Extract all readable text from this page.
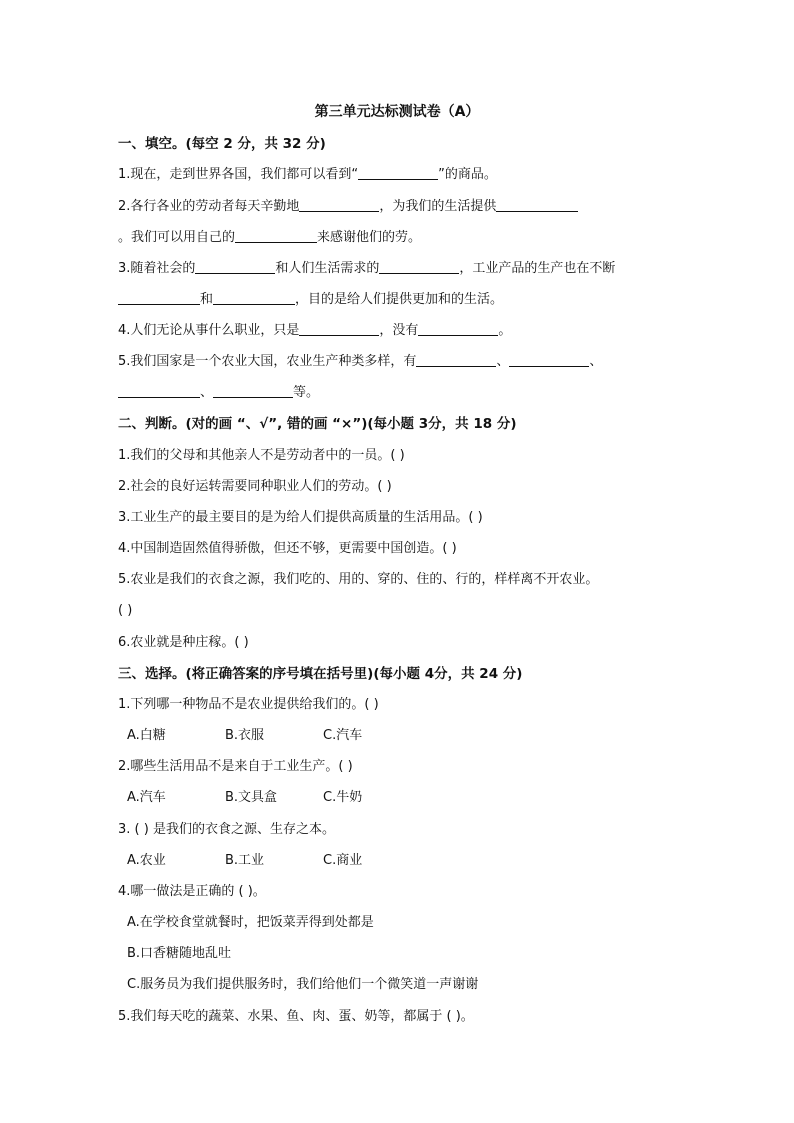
第三单元达标测试卷（A）
一、填空。(每空 2 分，共 32 分)
1.现在，走到世界各国，我们都可以看到“	”的商品。
2.各行各业的劳动者每天辛勤地	，为我们的生活提供
。我们可以用自己的	来感谢他们的劳。
3.随着社会的	和人们生活需求的	，工业产品的生产也在不断
和	，目的是给人们提供更加和的生活。
4.人们无论从事什么职业，只是	，没有	。
5.我们国家是一个农业大国，农业生产种类多样，有	、	、
、	等。
二、判断。(对的画 “、√”, 错的画 “×”)(每小题 3分，共 18 分)
1.我们的父母和其他亲人不是劳动者中的一员。( )
2.社会的良好运转需要同种职业人们的劳动。( )
3.工业生产的最主要目的是为给人们提供高质量的生活用品。( )
4.中国制造固然值得骄傲，但还不够，更需要中国创造。( )
5.农业是我们的衣食之源，我们吃的、用的、穿的、住的、行的，样样离不开农业。
( )
6.农业就是种庄稼。( )
三、选择。(将正确答案的序号填在括号里)(每小题 4分，共 24 分)
1.下列哪一种物品不是农业提供给我们的。( )
A.白糖	B.衣服	C.汽车
2.哪些生活用品不是来自于工业生产。( )
A.汽车	B.文具盒	C.牛奶
3. ( ) 是我们的衣食之源、生存之本。
A.农业	B.工业	C.商业
4.哪一做法是正确的 ( )。
A.在学校食堂就餐时，把饭菜弄得到处都是
B.口香糖随地乱吐
C.服务员为我们提供服务时，我们给他们一个微笑道一声谢谢
5.我们每天吃的蔬菜、水果、鱼、肉、蛋、奶等，都属于 ( )。
